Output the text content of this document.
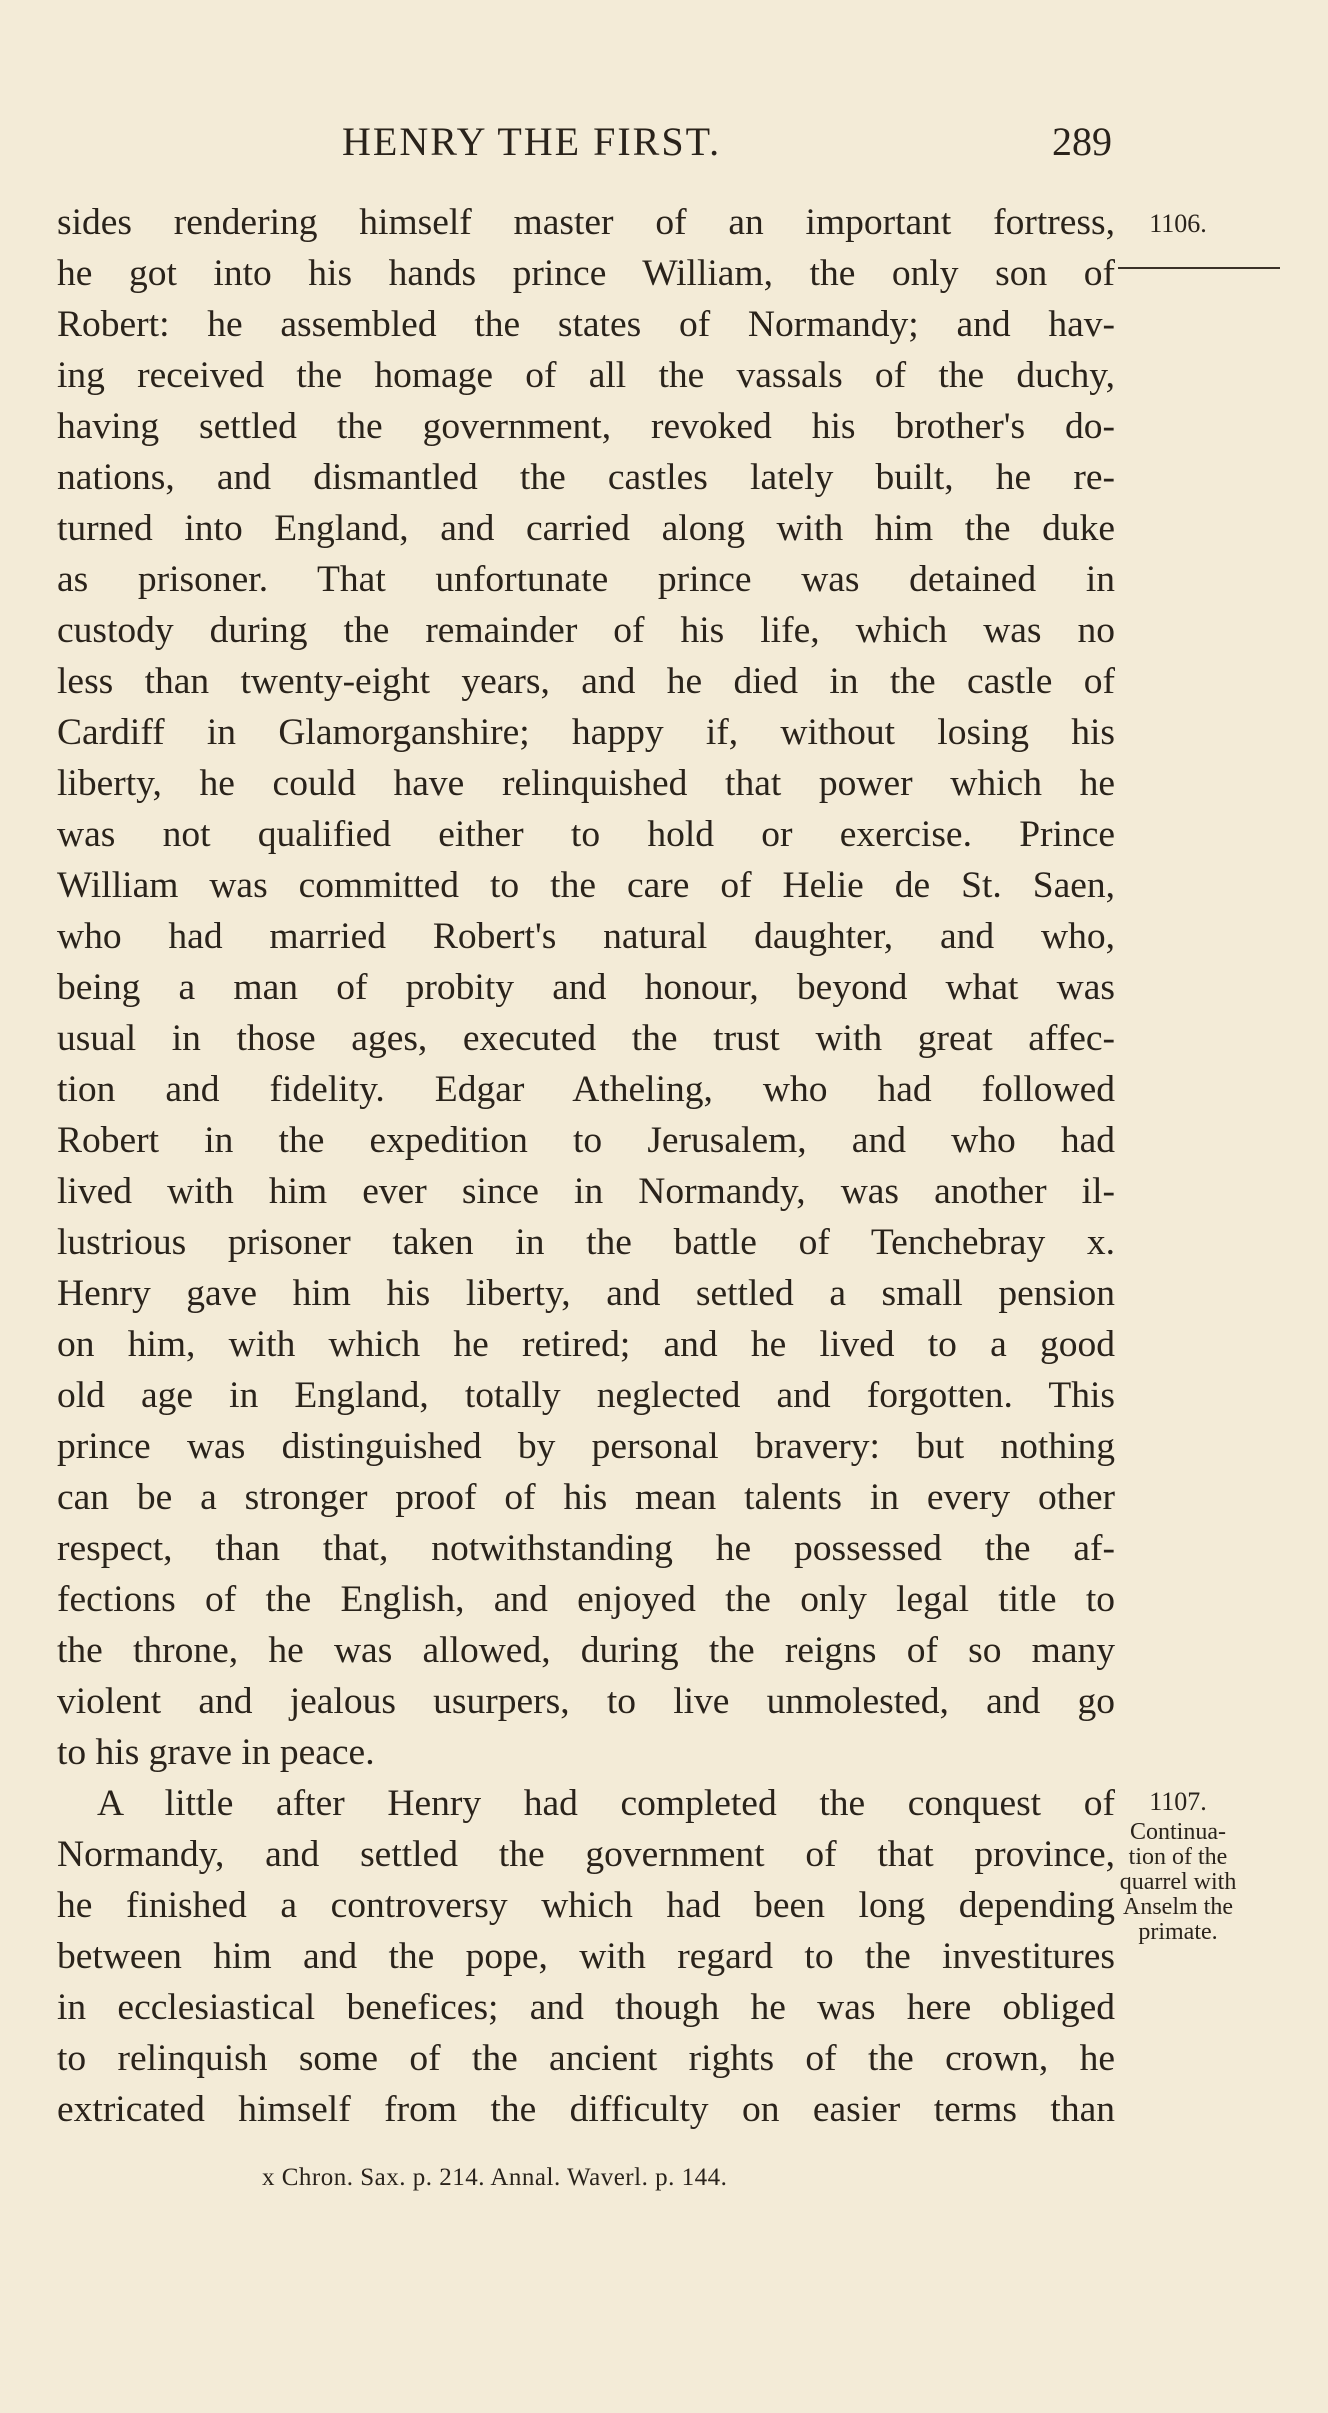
HENRY THE FIRST.	289
1106.
1107.
Continua-
tion of the
quarrel with
Anselm the
primate.
sides rendering himself master of an important fortress,
he got into his hands prince William, the only son of
Robert: he assembled the states of Normandy; and hav-
ing received the homage of all the vassals of the duchy,
having settled the government, revoked his brother's do-
nations, and dismantled the castles lately built, he re-
turned into England, and carried along with him the duke
as prisoner. That unfortunate prince was detained in
custody during the remainder of his life, which was no
less than twenty-eight years, and he died in the castle of
Cardiff in Glamorganshire; happy if, without losing his
liberty, he could have relinquished that power which he
was not qualified either to hold or exercise. Prince
William was committed to the care of Helie de St. Saen,
who had married Robert's natural daughter, and who,
being a man of probity and honour, beyond what was
usual in those ages, executed the trust with great affec-
tion and fidelity. Edgar Atheling, who had followed
Robert in the expedition to Jerusalem, and who had
lived with him ever since in Normandy, was another il-
lustrious prisoner taken in the battle of Tenchebray x.
Henry gave him his liberty, and settled a small pension
on him, with which he retired; and he lived to a good
old age in England, totally neglected and forgotten. This
prince was distinguished by personal bravery: but nothing
can be a stronger proof of his mean talents in every other
respect, than that, notwithstanding he possessed the af-
fections of the English, and enjoyed the only legal title to
the throne, he was allowed, during the reigns of so many
violent and jealous usurpers, to live unmolested, and go
to his grave in peace.
A little after Henry had completed the conquest of
Normandy, and settled the government of that province,
he finished a controversy which had been long depending
between him and the pope, with regard to the investitures
in ecclesiastical benefices; and though he was here obliged
to relinquish some of the ancient rights of the crown, he
extricated himself from the difficulty on easier terms than
x Chron. Sax. p. 214. Annal. Waverl. p. 144.
